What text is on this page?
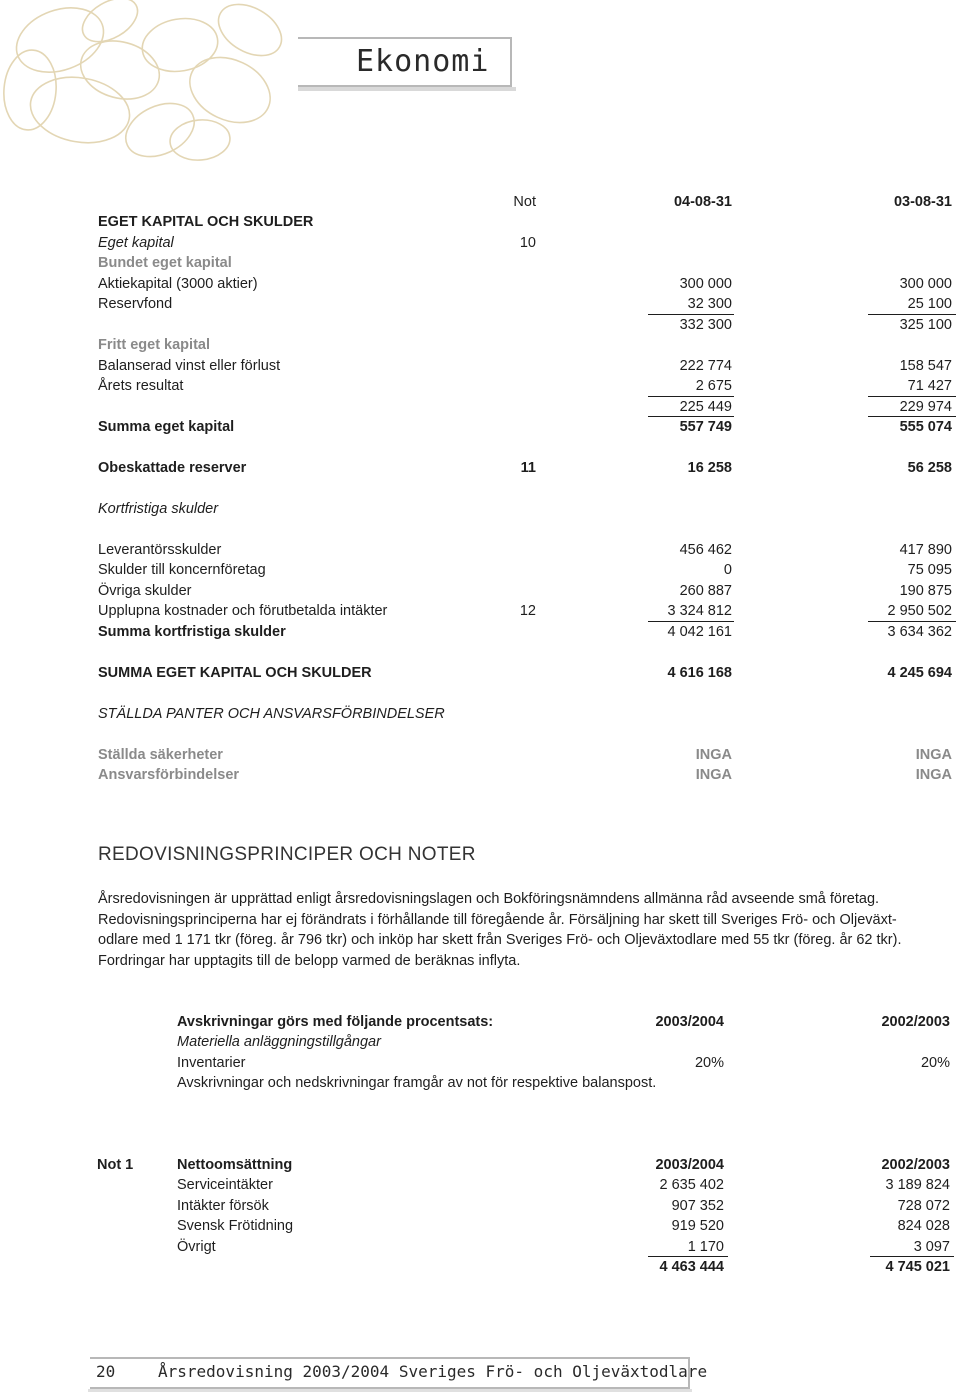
Ekonomi
Not	04-08-31	03-08-31
EGET KAPITAL OCH SKULDER
Eget kapital	10
Bundet eget kapital
Aktiekapital (3000 aktier)	300 000	300 000
Reservfond	32 300	25 100
332 300	325 100
Fritt eget kapital
Balanserad vinst eller förlust	222 774	158 547
Årets resultat	2 675	71 427
225 449	229 974
Summa eget kapital	557 749	555 074
Obeskattade reserver	11	16 258	56 258
Kortfristiga skulder
Leverantörsskulder	456 462	417 890
Skulder till koncernföretag	0	75 095
Övriga skulder	260 887	190 875
Upplupna kostnader och förutbetalda intäkter	12	3 324 812	2 950 502
Summa kortfristiga skulder	4 042 161	3 634 362
SUMMA EGET KAPITAL OCH SKULDER	4 616 168	4 245 694
STÄLLDA PANTER OCH ANSVARSFÖRBINDELSER
Ställda säkerheter	INGA	INGA
Ansvarsförbindelser	INGA	INGA
REDOVISNINGSPRINCIPER OCH NOTER

Årsredovisningen är upprättad enligt årsredovisningslagen och Bokföringsnämndens allmänna råd avseende små företag.

Redovisningsprinciperna har ej förändrats i förhållande till föregående år. Försäljning har skett till Sveriges Frö- och Oljeväxt-

odlare med 1 171 tkr (föreg. år 796 tkr) och inköp har skett från Sveriges Frö- och Oljeväxtodlare med 55 tkr (föreg. år 62 tkr).

Fordringar har upptagits till de belopp varmed de beräknas inflyta.

Avskrivningar görs med följande procentsats:	2003/2004	2002/2003
Materiella anläggningstillgångar
Inventarier	20%	20%
Avskrivningar och nedskrivningar framgår av not för respektive balanspost.
Not 1	Nettoomsättning	2003/2004	2002/2003
Serviceintäkter	2 635 402	3 189 824
Intäkter försök	907 352	728 072
Svensk Frötidning	919 520	824 028
Övrigt	1 170	3 097
4 463 444	4 745 021
20	Årsredovisning 2003/2004 Sveriges Frö- och Oljeväxtodlare
